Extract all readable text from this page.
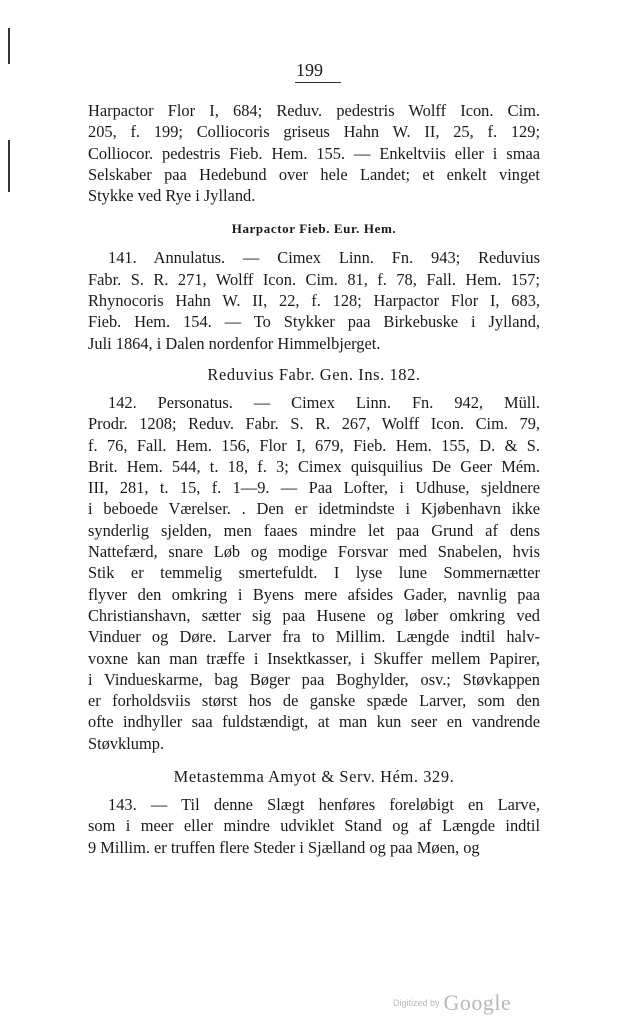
199
Harpactor Flor I, 684; Reduv. pedestris Wolff Icon. Cim.
205, f. 199; Colliocoris griseus Hahn W. II, 25, f. 129;
Colliocor. pedestris Fieb. Hem. 155. — Enkeltviis eller i smaa
Selskaber paa Hedebund over hele Landet; et enkelt vinget
Stykke ved Rye i Jylland.
Harpactor Fieb. Eur. Hem.
141. Annulatus. — Cimex Linn. Fn. 943; Reduvius
Fabr. S. R. 271, Wolff Icon. Cim. 81, f. 78, Fall. Hem. 157;
Rhynocoris Hahn W. II, 22, f. 128; Harpactor Flor I, 683,
Fieb. Hem. 154. — To Stykker paa Birkebuske i Jylland,
Juli 1864, i Dalen nordenfor Himmelbjerget.
Reduvius Fabr. Gen. Ins. 182.
142. Personatus. — Cimex Linn. Fn. 942, Müll.
Prodr. 1208; Reduv. Fabr. S. R. 267, Wolff Icon. Cim. 79,
f. 76, Fall. Hem. 156, Flor I, 679, Fieb. Hem. 155, D. & S.
Brit. Hem. 544, t. 18, f. 3; Cimex quisquilius De Geer Mém.
III, 281, t. 15, f. 1—9. — Paa Lofter, i Udhuse, sjeldnere
i beboede Værelser. . Den er idetmindste i Kjøbenhavn ikke
synderlig sjelden, men faaes mindre let paa Grund af dens
Nattefærd, snare Løb og modige Forsvar med Snabelen, hvis
Stik er temmelig smertefuldt. I lyse lune Sommernætter
flyver den omkring i Byens mere afsides Gader, navnlig paa
Christianshavn, sætter sig paa Husene og løber omkring ved
Vinduer og Døre. Larver fra to Millim. Længde indtil halv-
voxne kan man træffe i Insektkasser, i Skuffer mellem Papirer,
i Vindueskarme, bag Bøger paa Boghylder, osv.; Støvkappen
er forholdsviis størst hos de ganske spæde Larver, som den
ofte indhyller saa fuldstændigt, at man kun seer en vandrende
Støvklump.
Metastemma Amyot & Serv. Hém. 329.
143. — Til denne Slægt henføres foreløbigt en Larve,
som i meer eller mindre udviklet Stand og af Længde indtil
9 Millim. er truffen flere Steder i Sjælland og paa Møen, og
Digitized by Google
